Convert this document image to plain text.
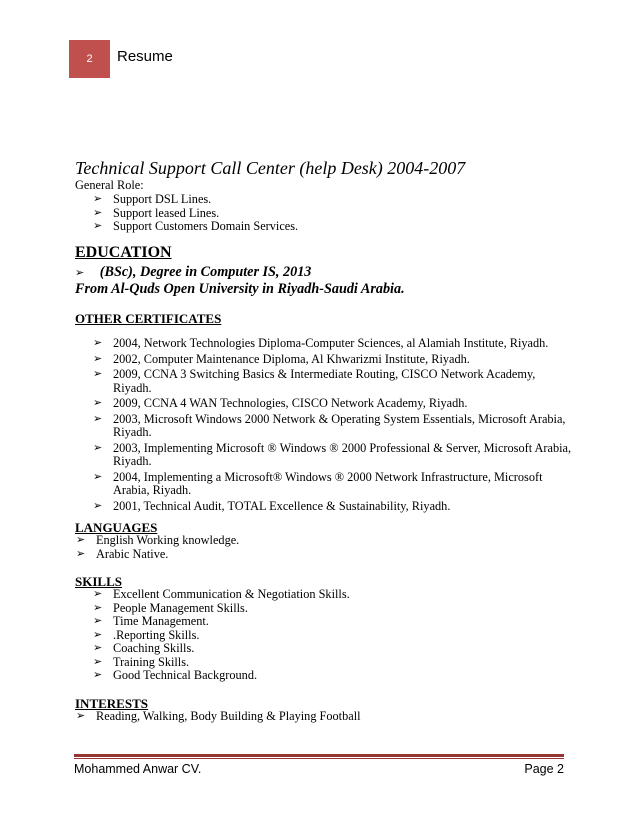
2	Resume
Technical Support Call Center (help Desk) 2004-2007
General Role:
➢ Support DSL Lines.
➢ Support leased Lines.
➢ Support Customers Domain Services.
EDUCATION
➢ (BSc), Degree in Computer IS, 2013
From Al-Quds Open University in Riyadh-Saudi Arabia.
OTHER CERTIFICATES
➢ 2004, Network Technologies Diploma-Computer Sciences, al Alamiah Institute, Riyadh.
➢ 2002, Computer Maintenance Diploma, Al Khwarizmi Institute, Riyadh.
➢ 2009, CCNA 3 Switching Basics & Intermediate Routing, CISCO Network Academy,
Riyadh.
➢ 2009, CCNA 4 WAN Technologies, CISCO Network Academy, Riyadh.
➢ 2003, Microsoft Windows 2000 Network & Operating System Essentials, Microsoft Arabia,
Riyadh.
➢ 2003, Implementing Microsoft ® Windows ® 2000 Professional & Server, Microsoft Arabia,
Riyadh.
➢ 2004, Implementing a Microsoft® Windows ® 2000 Network Infrastructure, Microsoft
Arabia, Riyadh.
➢ 2001, Technical Audit, TOTAL Excellence & Sustainability, Riyadh.
LANGUAGES
➢ English Working knowledge.
➢ Arabic Native.
SKILLS
➢ Excellent Communication & Negotiation Skills.
➢ People Management Skills.
➢ Time Management.
➢ .Reporting Skills.
➢ Coaching Skills.
➢ Training Skills.
➢ Good Technical Background.
INTERESTS
➢ Reading, Walking, Body Building & Playing Football
Mohammed Anwar CV.	Page 2
